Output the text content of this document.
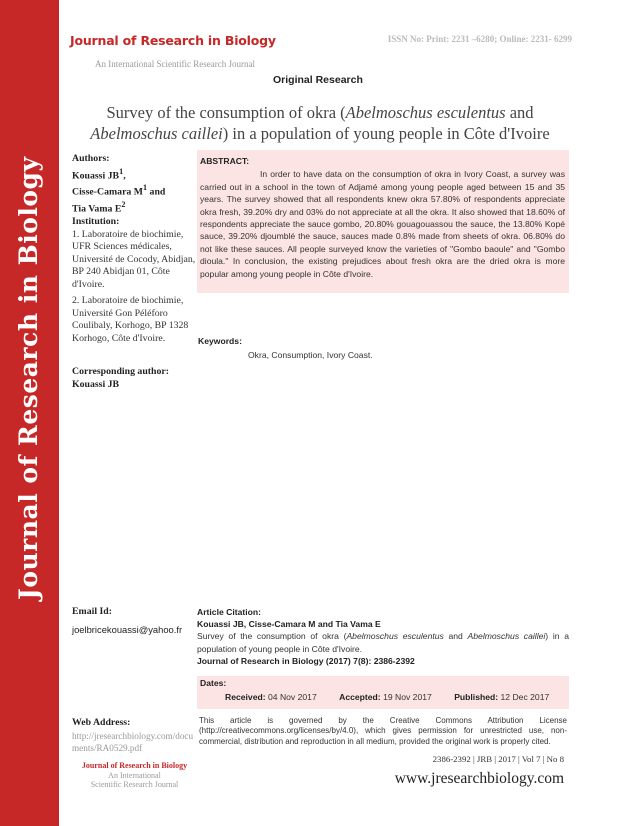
Journal of Research in Biology
Journal of Research in Biology	ISSN No: Print: 2231 –6280; Online: 2231- 6299
An International Scientific Research Journal
Original Research
Survey of the consumption of okra (Abelmoschus esculentus and
Abelmoschus caillei) in a population of young people in Côte d'Ivoire
Authors:
Kouassi $JB^1$,
Cisse-Camara $M^1$ and
Tia Vama $E^2$
Institution:
1. Laboratoire de biochimie, UFR Sciences médicales, Université de Cocody, Abidjan, BP 240 Abidjan 01, Côte d'Ivoire.
2. Laboratoire de biochimie, Université Gon Péléforo Coulibaly, Korhogo, BP 1328 Korhogo, Côte d'Ivoire.
Corresponding author:
Kouassi JB
ABSTRACT:
In order to have data on the consumption of okra in Ivory Coast, a survey was carried out in a school in the town of Adjamé among young people aged between 15 and 35 years. The survey showed that all respondents knew okra 57.80% of respondents appreciate okra fresh, 39.20% dry and 03% do not appreciate at all the okra. It also showed that 18.60% of respondents appreciate the sauce gombo, 20.80% gouagouassou the sauce, the 13.80% Kopé sauce, 39.20% djoumblé the sauce, sauces made 0.8% made from sheets of okra. 06.80% do not like these sauces. All people surveyed know the varieties of "Gombo baoule" and "Gombo dioula." In conclusion, the existing prejudices about fresh okra are the dried okra is more popular among young people in Côte d'Ivoire.
Keywords:
Okra, Consumption, Ivory Coast.
Email Id:
joelbricekouassi@yahoo.fr
Article Citation:
Kouassi JB, Cisse-Camara M and Tia Vama E
Survey of the consumption of okra (Abelmoschus esculentus and Abelmoschus caillei) in a population of young people in Côte d'Ivoire.
Journal of Research in Biology (2017) 7(8): 2386-2392
Dates:
Received: 04 Nov 2017	Accepted: 19 Nov 2017	Published: 12 Dec 2017
Web Address:
http://jresearchbiology.com/documents/RA0529.pdf
This article is governed by the Creative Commons Attribution License (http://creativecommons.org/licenses/by/4.0), which gives permission for unrestricted use, non-commercial, distribution and reproduction in all medium, provided the original work is properly cited.
Journal of Research in Biology
An International
Scientific Research Journal
2386-2392 | JRB | 2017 | Vol 7 | No 8
www.jresearchbiology.com
